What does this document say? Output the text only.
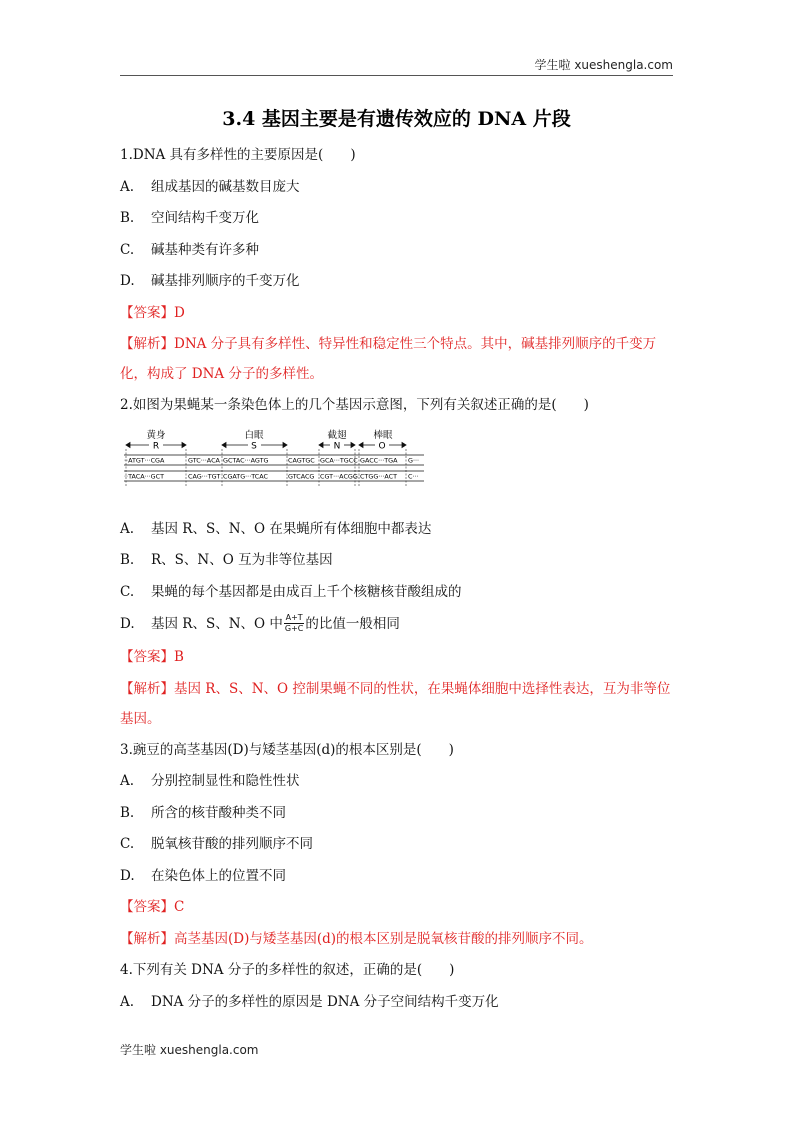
学生啦 xueshengla.com
3.4 基因主要是有遗传效应的 DNA 片段
1.DNA 具有多样性的主要原因是(　　)
A.	组成基因的碱基数目庞大
B.	空间结构千变万化
C.	碱基种类有许多种
D.	碱基排列顺序的千变万化
【答案】D
【解析】DNA 分子具有多样性、特异性和稳定性三个特点。其中，碱基排列顺序的千变万化，构成了 DNA 分子的多样性。
2.如图为果蝇某一条染色体上的几个基因示意图，下列有关叙述正确的是(　　)
黄身	白眼	截翅	棒眼
R	S	N	O
··ATGT···CGA	GTC···ACA GCTAC···AGTG	CAGTGC GCA···TGCC GACC···TGA G···
··TACA···GCT	CAG···TGT CGATG···TCAC	GTCACG CGT···ACGG CTGG···ACT C···
A.	基因 R、S、N、O 在果蝇所有体细胞中都表达
B.	R、S、N、O 互为非等位基因
C.	果蝇的每个基因都是由成百上千个核糖核苷酸组成的
D.	基因 R、S、N、O 中 $\frac{A+T}{G+C}$ 的比值一般相同
【答案】B
【解析】基因 R、S、N、O 控制果蝇不同的性状，在果蝇体细胞中选择性表达，互为非等位基因。
3.豌豆的高茎基因(D)与矮茎基因(d)的根本区别是(　　)
A.	分别控制显性和隐性性状
B.	所含的核苷酸种类不同
C.	脱氧核苷酸的排列顺序不同
D.	在染色体上的位置不同
【答案】C
【解析】高茎基因(D)与矮茎基因(d)的根本区别是脱氧核苷酸的排列顺序不同。
4.下列有关 DNA 分子的多样性的叙述，正确的是(　　)
A.	DNA 分子的多样性的原因是 DNA 分子空间结构千变万化
学生啦 xueshengla.com
